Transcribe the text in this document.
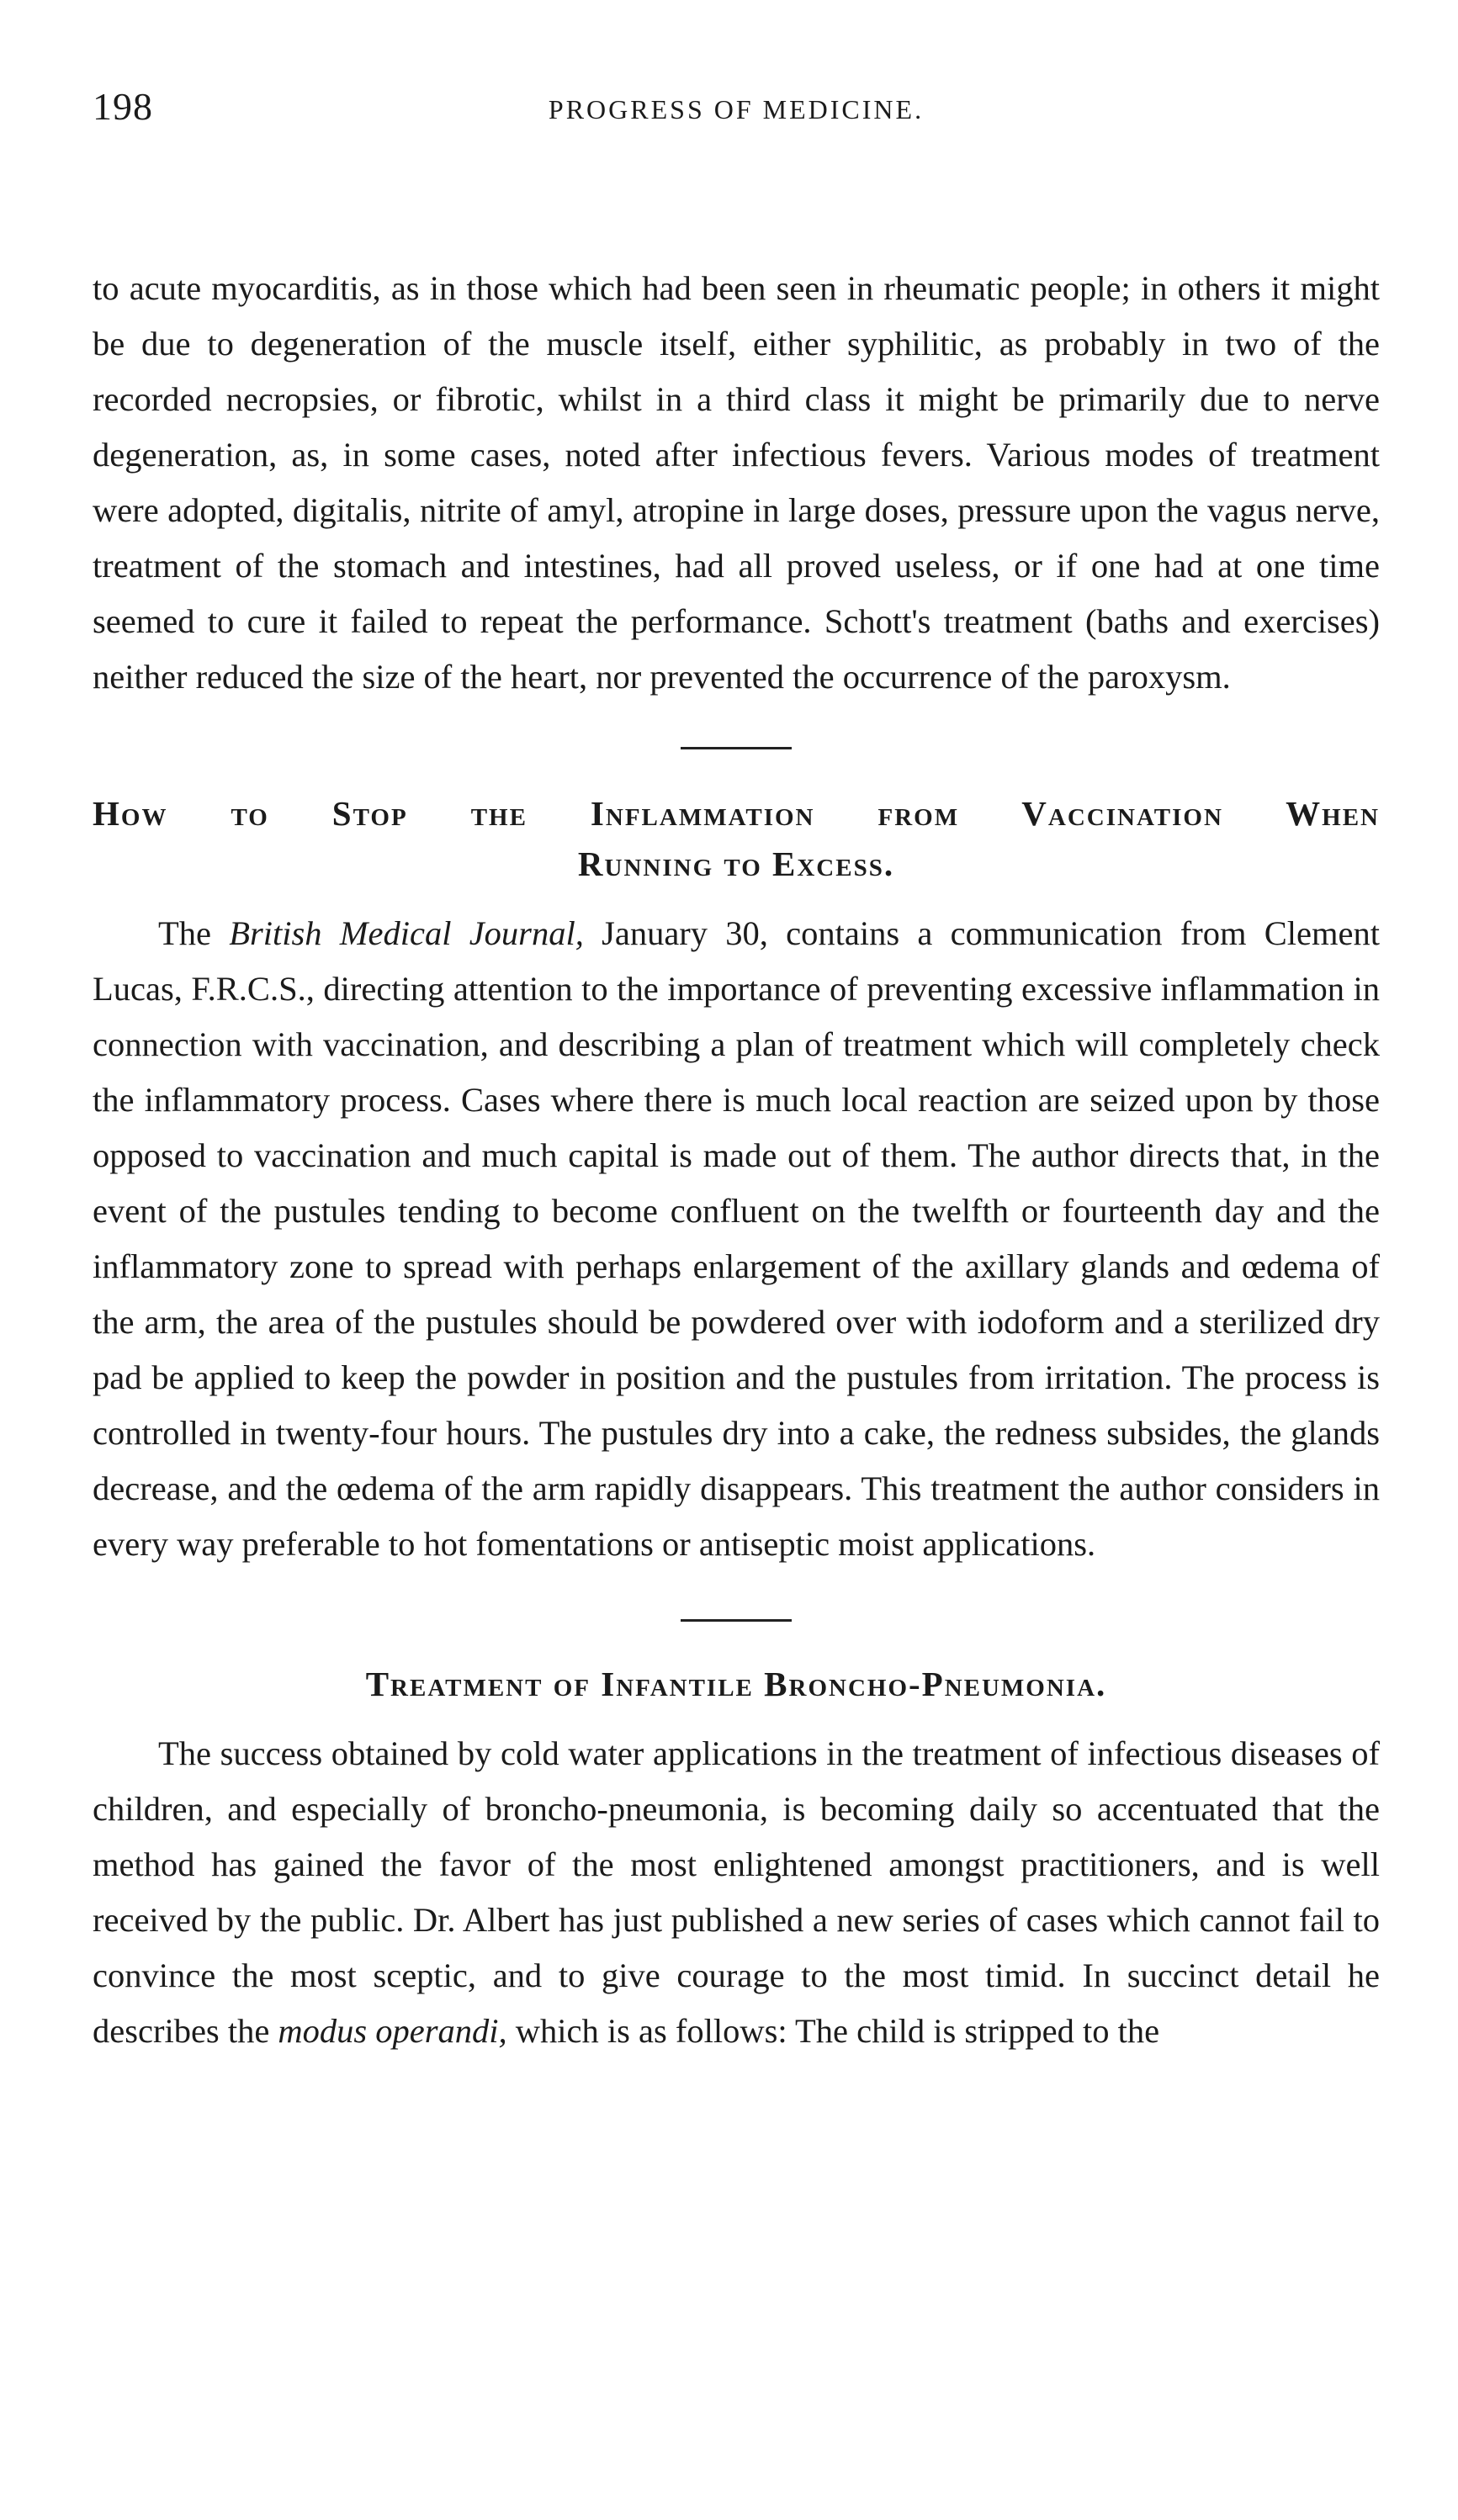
198	PROGRESS OF MEDICINE.

to acute myocarditis, as in those which had been seen in rheumatic people; in others it might be due to degeneration of the muscle itself, either syphilitic, as probably in two of the recorded necropsies, or fibrotic, whilst in a third class it might be primarily due to nerve degeneration, as, in some cases, noted after infectious fevers. Various modes of treatment were adopted, digitalis, nitrite of amyl, atropine in large doses, pressure upon the vagus nerve, treatment of the stomach and intestines, had all proved useless, or if one had at one time seemed to cure it failed to repeat the performance. Schott's treatment (baths and exercises) neither reduced the size of the heart, nor prevented the occurrence of the paroxysm.

How to Stop the Inflammation from Vaccination When
Running to Excess.

The British Medical Journal, January 30, contains a communication from Clement Lucas, F.R.C.S., directing attention to the importance of preventing excessive inflammation in connection with vaccination, and describing a plan of treatment which will completely check the inflammatory process. Cases where there is much local reaction are seized upon by those opposed to vaccination and much capital is made out of them. The author directs that, in the event of the pustules tending to become confluent on the twelfth or fourteenth day and the inflammatory zone to spread with perhaps enlargement of the axillary glands and œdema of the arm, the area of the pustules should be powdered over with iodoform and a sterilized dry pad be applied to keep the powder in position and the pustules from irritation. The process is controlled in twenty-four hours. The pustules dry into a cake, the redness subsides, the glands decrease, and the œdema of the arm rapidly disappears. This treatment the author considers in every way preferable to hot fomentations or antiseptic moist applications.

Treatment of Infantile Broncho-Pneumonia.

The success obtained by cold water applications in the treatment of infectious diseases of children, and especially of broncho-pneumonia, is becoming daily so accentuated that the method has gained the favor of the most enlightened amongst practitioners, and is well received by the public. Dr. Albert has just published a new series of cases which cannot fail to convince the most sceptic, and to give courage to the most timid. In succinct detail he describes the modus operandi, which is as follows: The child is stripped to the
